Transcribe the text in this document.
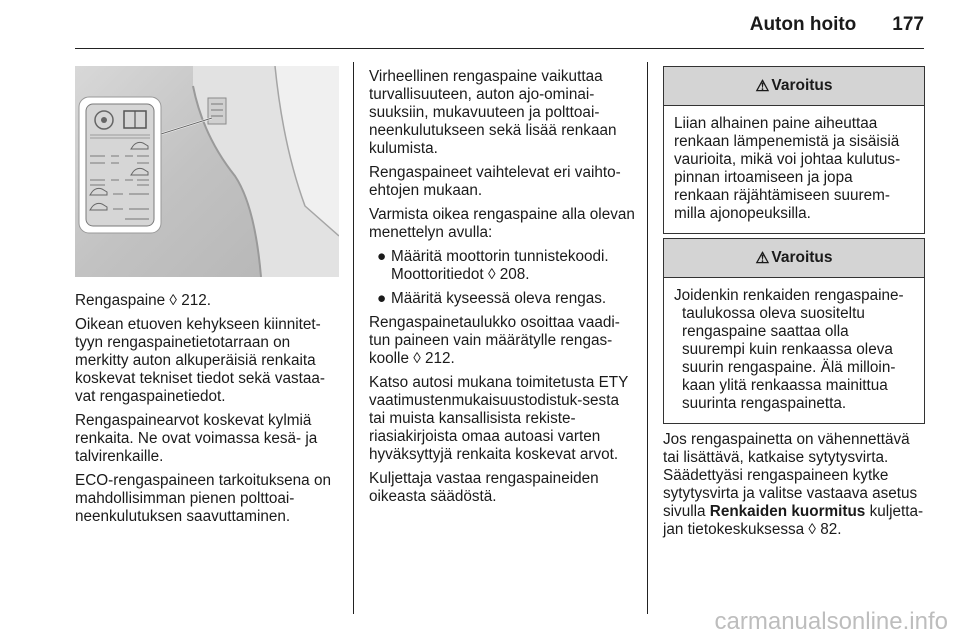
Auton hoito 177

Rengaspaine ◊ 212.

Oikean etuoven kehykseen kiinnitet-tyyn rengaspainetietotarraan on merkitty auton alkuperäisiä renkaita koskevat tekniset tiedot sekä vastaa-vat rengaspainetiedot.

Rengaspainearvot koskevat kylmiä renkaita. Ne ovat voimassa kesä- ja talvirenkaille.

ECO-rengaspaineen tarkoituksena on mahdollisimman pienen polttoai-neenkulutuksen saavuttaminen.

Virheellinen rengaspaine vaikuttaa turvallisuuteen, auton ajo-ominai-suuksiin, mukavuuteen ja polttoai-neenkulutukseen sekä lisää renkaan kulumista.

Rengaspaineet vaihtelevat eri vaihto-ehtojen mukaan.

Varmista oikea rengaspaine alla olevan menettelyn avulla:

● Määritä moottorin tunnistekoodi. Moottoritiedot ◊ 208.
● Määritä kyseessä oleva rengas.

Rengaspainetaulukko osoittaa vaadi-tun paineen vain määrätylle rengas-koolle ◊ 212.

Katso autosi mukana toimitetusta ETY vaatimustenmukaisuustodistuk-sesta tai muista kansallisista rekiste-riasiakirjoista omaa autoasi varten hyväksyttyjä renkaita koskevat arvot.

Kuljettaja vastaa rengaspaineiden oikeasta säädöstä.

⚠ Varoitus
Liian alhainen paine aiheuttaa
renkaan lämpenemistä ja sisäisiä
vaurioita, mikä voi johtaa kulutus-
pinnan irtoamiseen ja jopa
renkaan räjähtämiseen suurem-
milla ajonopeuksilla.
⚠ Varoitus
Joidenkin renkaiden rengaspaine-
taulukossa oleva suositeltu
rengaspaine saattaa olla
suurempi kuin renkaassa oleva
suurin rengaspaine. Älä milloin-
kaan ylitä renkaassa mainittua
suurinta rengaspainetta.

Jos rengaspainetta on vähennettävä tai lisättävä, katkaise sytytysvirta. Säädettyäsi rengaspaineen kytke sytytysvirta ja valitse vastaava asetus sivulla Renkaiden kuormitus kuljetta-jan tietokeskuksessa ◊ 82.

carmanualsonline.info
